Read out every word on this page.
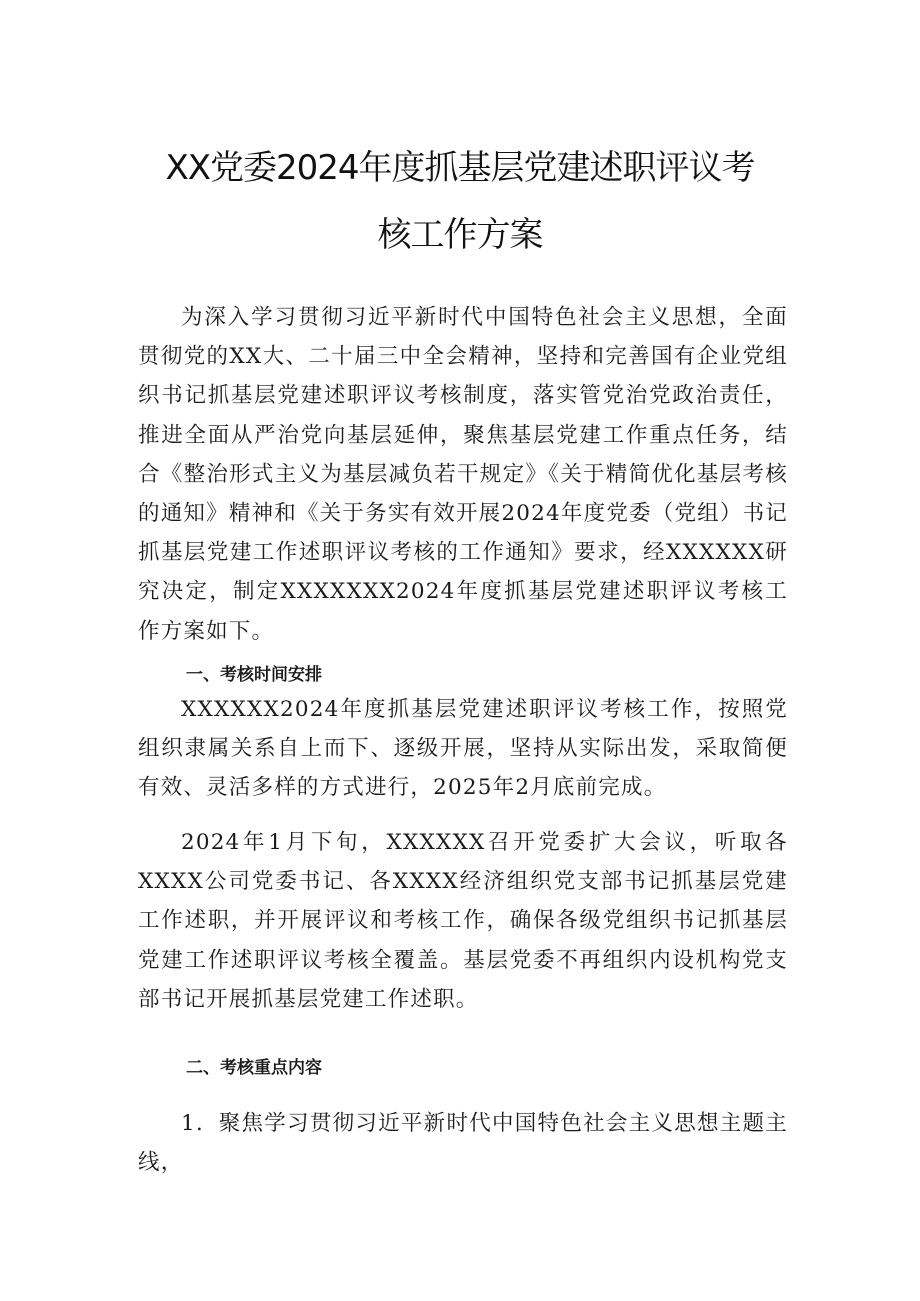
XX党委2024年度抓基层党建述职评议考
核工作方案

为深入学习贯彻习近平新时代中国特色社会主义思想，全面贯彻党的XX大、二十届三中全会精神，坚持和完善国有企业党组织书记抓基层党建述职评议考核制度，落实管党治党政治责任，推进全面从严治党向基层延伸，聚焦基层党建工作重点任务，结合《整治形式主义为基层减负若干规定》《关于精简优化基层考核的通知》精神和《关于务实有效开展2024年度党委（党组）书记抓基层党建工作述职评议考核的工作通知》要求，经XXXXXX研究决定，制定XXXXXXX2024年度抓基层党建述职评议考核工作方案如下。

一、考核时间安排

XXXXXX2024年度抓基层党建述职评议考核工作，按照党组织隶属关系自上而下、逐级开展，坚持从实际出发，采取简便有效、灵活多样的方式进行，2025年2月底前完成。

2024年1月下旬，XXXXXX召开党委扩大会议，听取各XXXX公司党委书记、各XXXX经济组织党支部书记抓基层党建工作述职，并开展评议和考核工作，确保各级党组织书记抓基层党建工作述职评议考核全覆盖。基层党委不再组织内设机构党支部书记开展抓基层党建工作述职。

二、考核重点内容

1．聚焦学习贯彻习近平新时代中国特色社会主义思想主题主线，
